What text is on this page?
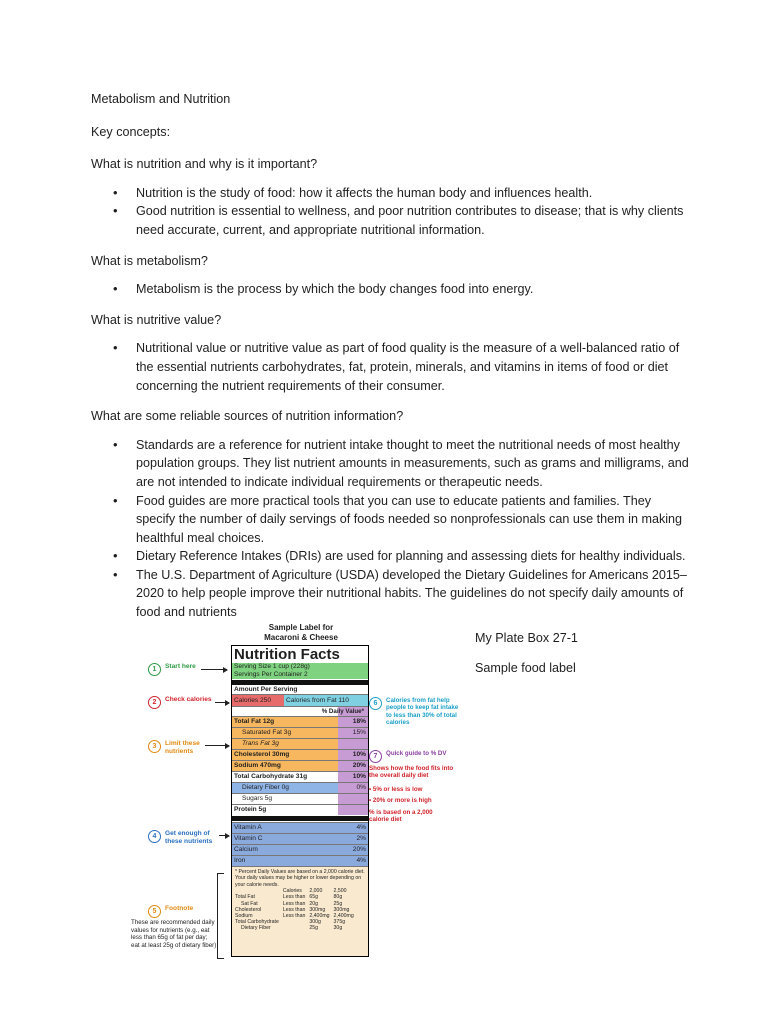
Metabolism and Nutrition
Key concepts:
What is nutrition and why is it important?
• Nutrition is the study of food: how it affects the human body and influences health.
• Good nutrition is essential to wellness, and poor nutrition contributes to disease; that is why clients need accurate, current, and appropriate nutritional information.
What is metabolism?
• Metabolism is the process by which the body changes food into energy.
What is nutritive value?
• Nutritional value or nutritive value as part of food quality is the measure of a well-balanced ratio of the essential nutrients carbohydrates, fat, protein, minerals, and vitamins in items of food or diet concerning the nutrient requirements of their consumer.
What are some reliable sources of nutrition information?
• Standards are a reference for nutrient intake thought to meet the nutritional needs of most healthy population groups. They list nutrient amounts in measurements, such as grams and milligrams, and are not intended to indicate individual requirements or therapeutic needs.
• Food guides are more practical tools that you can use to educate patients and families. They specify the number of daily servings of foods needed so nonprofessionals can use them in making healthful meal choices.
• Dietary Reference Intakes (DRIs) are used for planning and assessing diets for healthy individuals.
• The U.S. Department of Agriculture (USDA) developed the Dietary Guidelines for Americans 2015–2020 to help people improve their nutritional habits. The guidelines do not specify daily amounts of food and nutrients
My Plate Box 27-1
Sample food label
Sample Label for
Macaroni & Cheese
Nutrition Facts
Serving Size 1 cup (228g)
Servings Per Container 2
Amount Per Serving
Calories 250	Calories from Fat 110
% Daily Value*
Total Fat 12g	18%
Saturated Fat 3g	15%
Trans Fat 3g
Cholesterol 30mg	10%
Sodium 470mg	20%
Total Carbohydrate 31g	10%
Dietary Fiber 0g	0%
Sugars 5g
Protein 5g
Vitamin A	4%
Vitamin C	2%
Calcium	20%
Iron	4%
* Percent Daily Values are based on a 2,000 calorie diet. Your daily values may be higher or lower depending on your calorie needs.
	Calories	2,000	2,500
Total Fat	Less than	65g	80g
Sat Fat	Less than	20g	25g
Cholesterol	Less than	300mg	300mg
Sodium	Less than	2,400mg	2,400mg
Total Carbohydrate		300g	375g
Dietary Fiber		25g	30g
1	Start here
2	Check calories
3	Limit these nutrients
4	Get enough of these nutrients
5	Footnote
These are recommended daily values for nutrients (e.g., eat less than 65g of fat per day; eat at least 25g of dietary fiber)
6	Calories from fat help people to keep fat intake to less than 30% of total calories
7	Quick guide to % DV
Shows how the food fits into the overall daily diet
• 5% or less is low
• 20% or more is high
% is based on a 2,000 calorie diet
